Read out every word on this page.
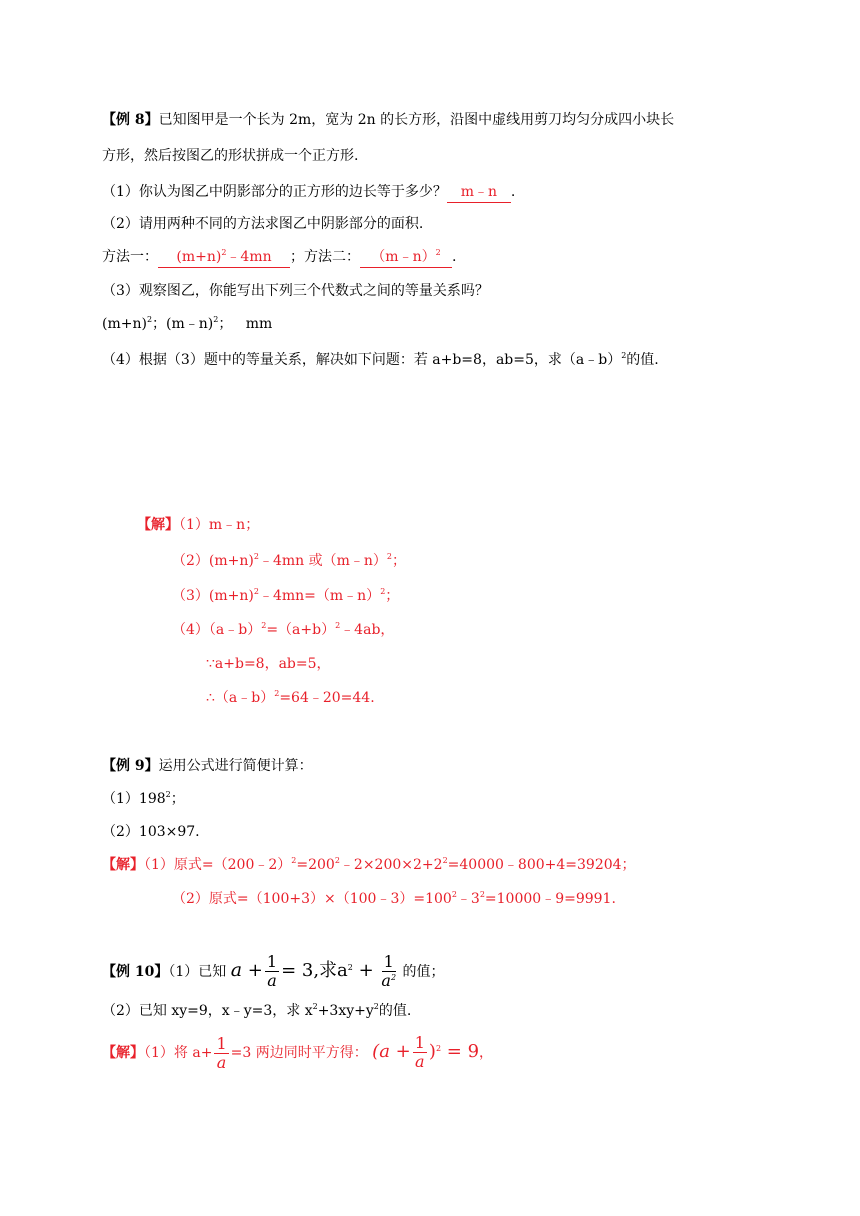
【例 8】已知图甲是一个长为 2m，宽为 2n 的长方形，沿图中虚线用剪刀均匀分成四小块长
方形，然后按图乙的形状拼成一个正方形.
（1）你认为图乙中阴影部分的正方形的边长等于多少？ m﹣n .
（2）请用两种不同的方法求图乙中阴影部分的面积.
方法一： $(m+n)^2﹣4mn$ ；方法二： （m﹣n）$^2$ .
（3）观察图乙，你能写出下列三个代数式之间的等量关系吗？
$(m+n)^2$；(m﹣n)$^2$； mm
（4）根据（3）题中的等量关系，解决如下问题：若 a+b=8，ab=5，求（a﹣b）$^2$的值.
【解】（1）m﹣n；
$(2)(m+n)^2﹣4mn$ 或（m﹣n）$^2$；
$(3)(m+n)^2﹣4mn=(m﹣n)^2$；
$(4)(a﹣b)^2=(a+b)^2﹣4ab$，
∵a+b=8，ab=5，
∴（a﹣b）$^2$=64﹣20=44.
【例 9】运用公式进行简便计算：
$(1)198^2$；
（2）103×97.
【解】（1）原式$=(200﹣2)^2=200^2﹣2\times 200\times 2+2^2=40000﹣800+4=39204$；
（2）原式$=(100+3)\times(100﹣3)=100^2﹣3^2=10000﹣9=9991$.
【例 10】（1）已知 $a + \frac{1}{a} = 3$,求$a^2 + \frac{1}{a^2}$ 的值；
（2）已知 xy=9，x﹣y=3，求 $x^2+3xy+y^2$的值.
【解】（1）将 $a+ \frac{1}{a} =3$ 两边同时平方得： $(a + \frac{1}{a} )^2 = 9$，
